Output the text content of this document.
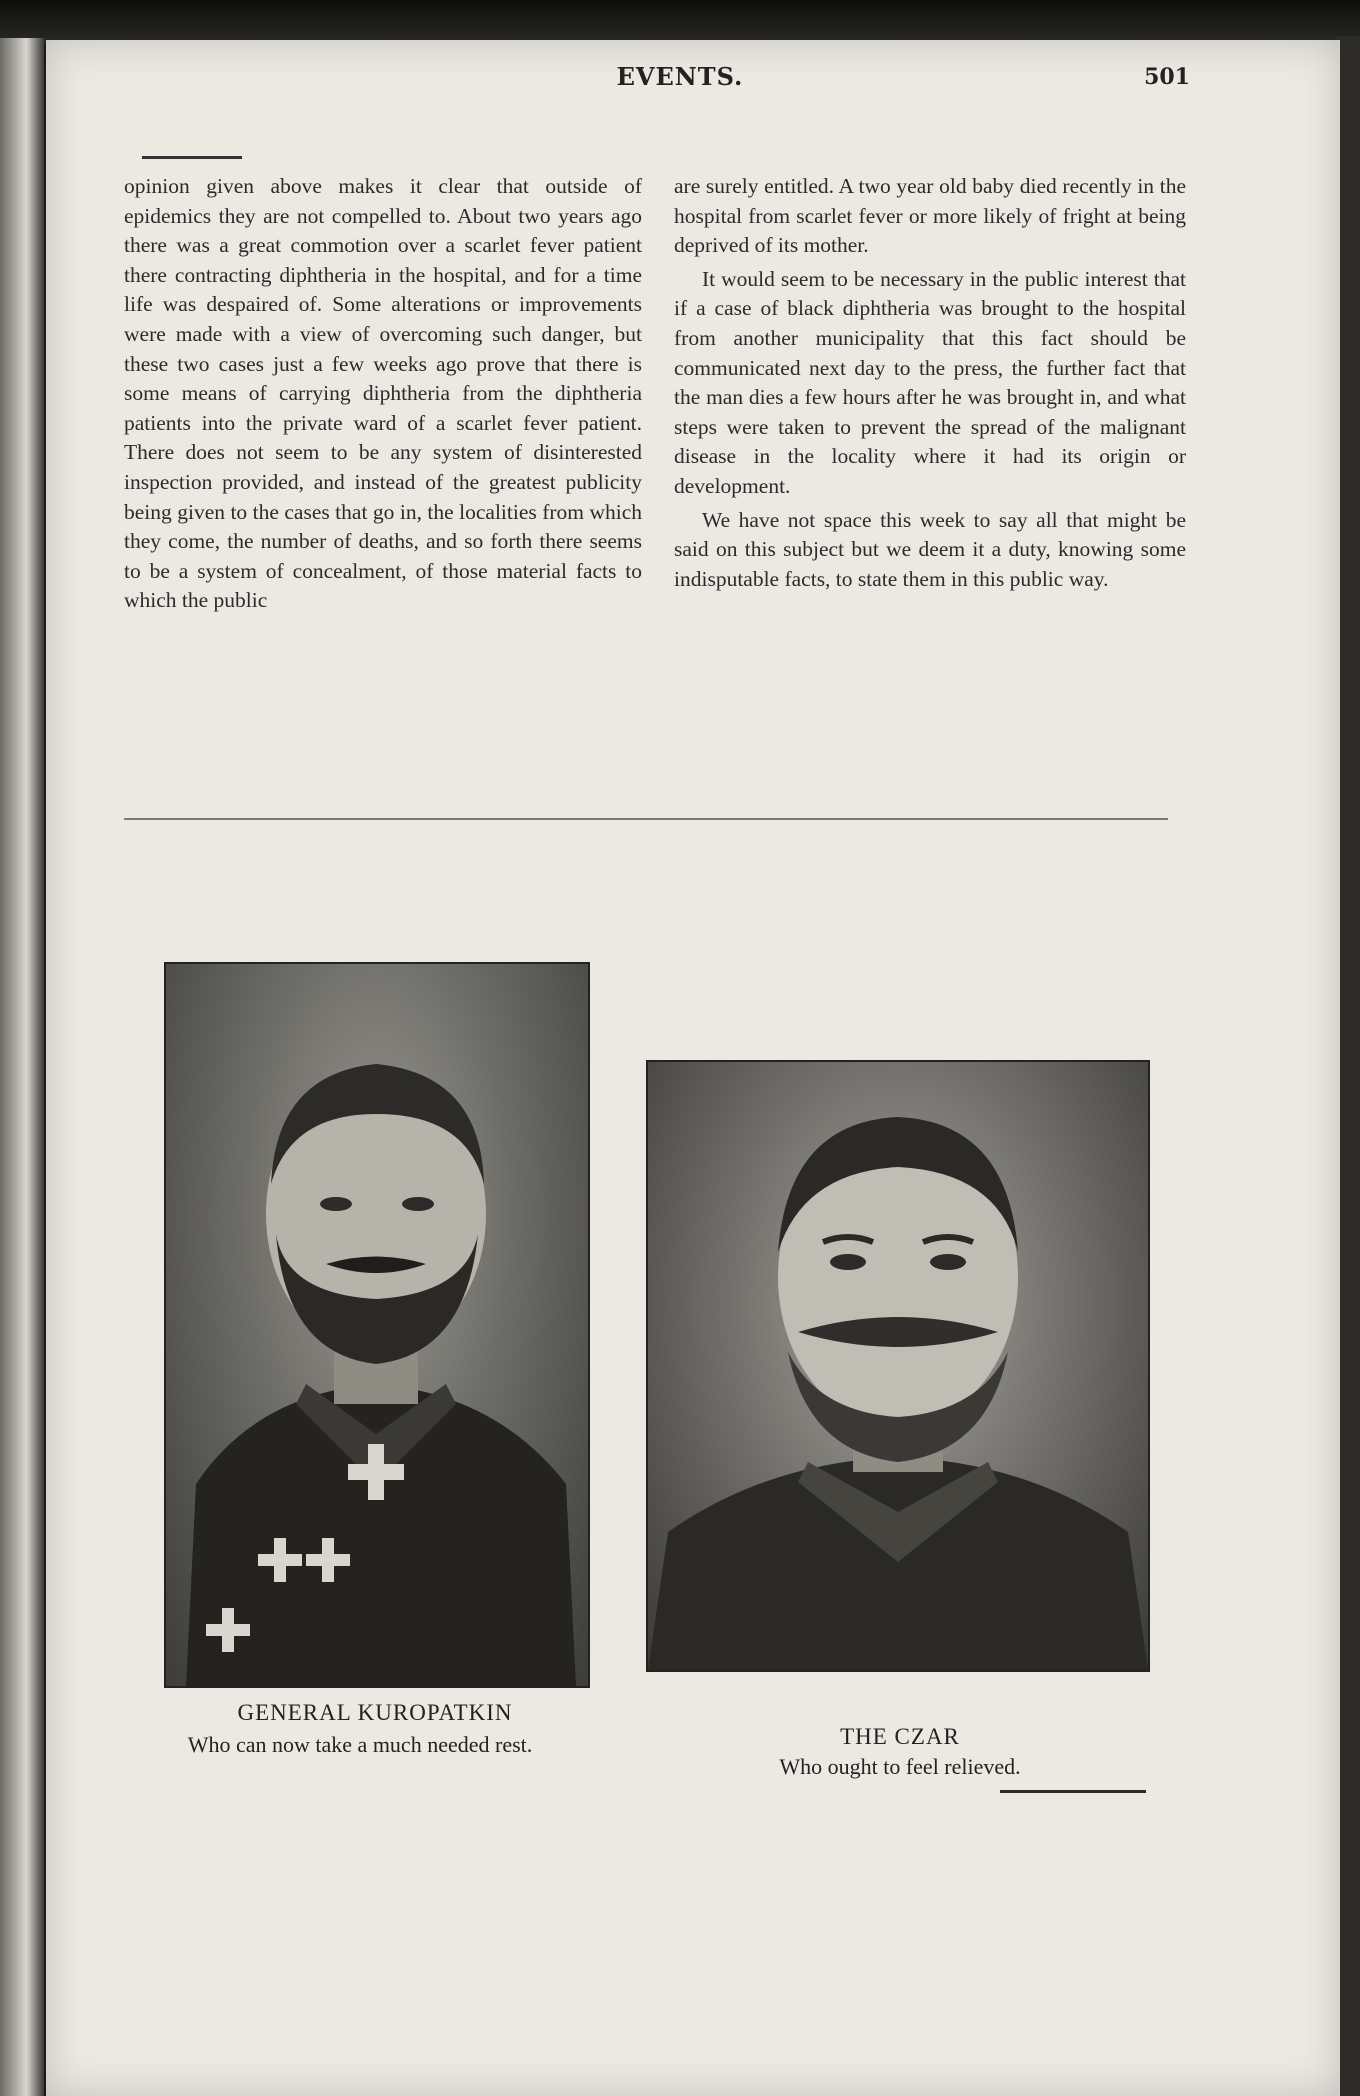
EVENTS.	501

opinion given above makes it clear that outside of epidemics they are not compelled to. About two years ago there was a great commotion over a scarlet fever patient there contracting diphtheria in the hospital, and for a time life was despaired of. Some alterations or improvements were made with a view of overcoming such danger, but these two cases just a few weeks ago prove that there is some means of carrying diphtheria from the diphtheria patients into the private ward of a scarlet fever patient. There does not seem to be any system of disinterested inspection provided, and instead of the greatest publicity being given to the cases that go in, the localities from which they come, the number of deaths, and so forth there seems to be a system of concealment, of those material facts to which the public

are surely entitled. A two year old baby died recently in the hospital from scarlet fever or more likely of fright at being deprived of its mother.

It would seem to be necessary in the public interest that if a case of black diphtheria was brought to the hospital from another municipality that this fact should be communicated next day to the press, the further fact that the man dies a few hours after he was brought in, and what steps were taken to prevent the spread of the malignant disease in the locality where it had its origin or development.

We have not space this week to say all that might be said on this subject but we deem it a duty, knowing some indisputable facts, to state them in this public way.

GENERAL KUROPATKIN
Who can now take a much needed rest.	THE CZAR
Who ought to feel relieved.
